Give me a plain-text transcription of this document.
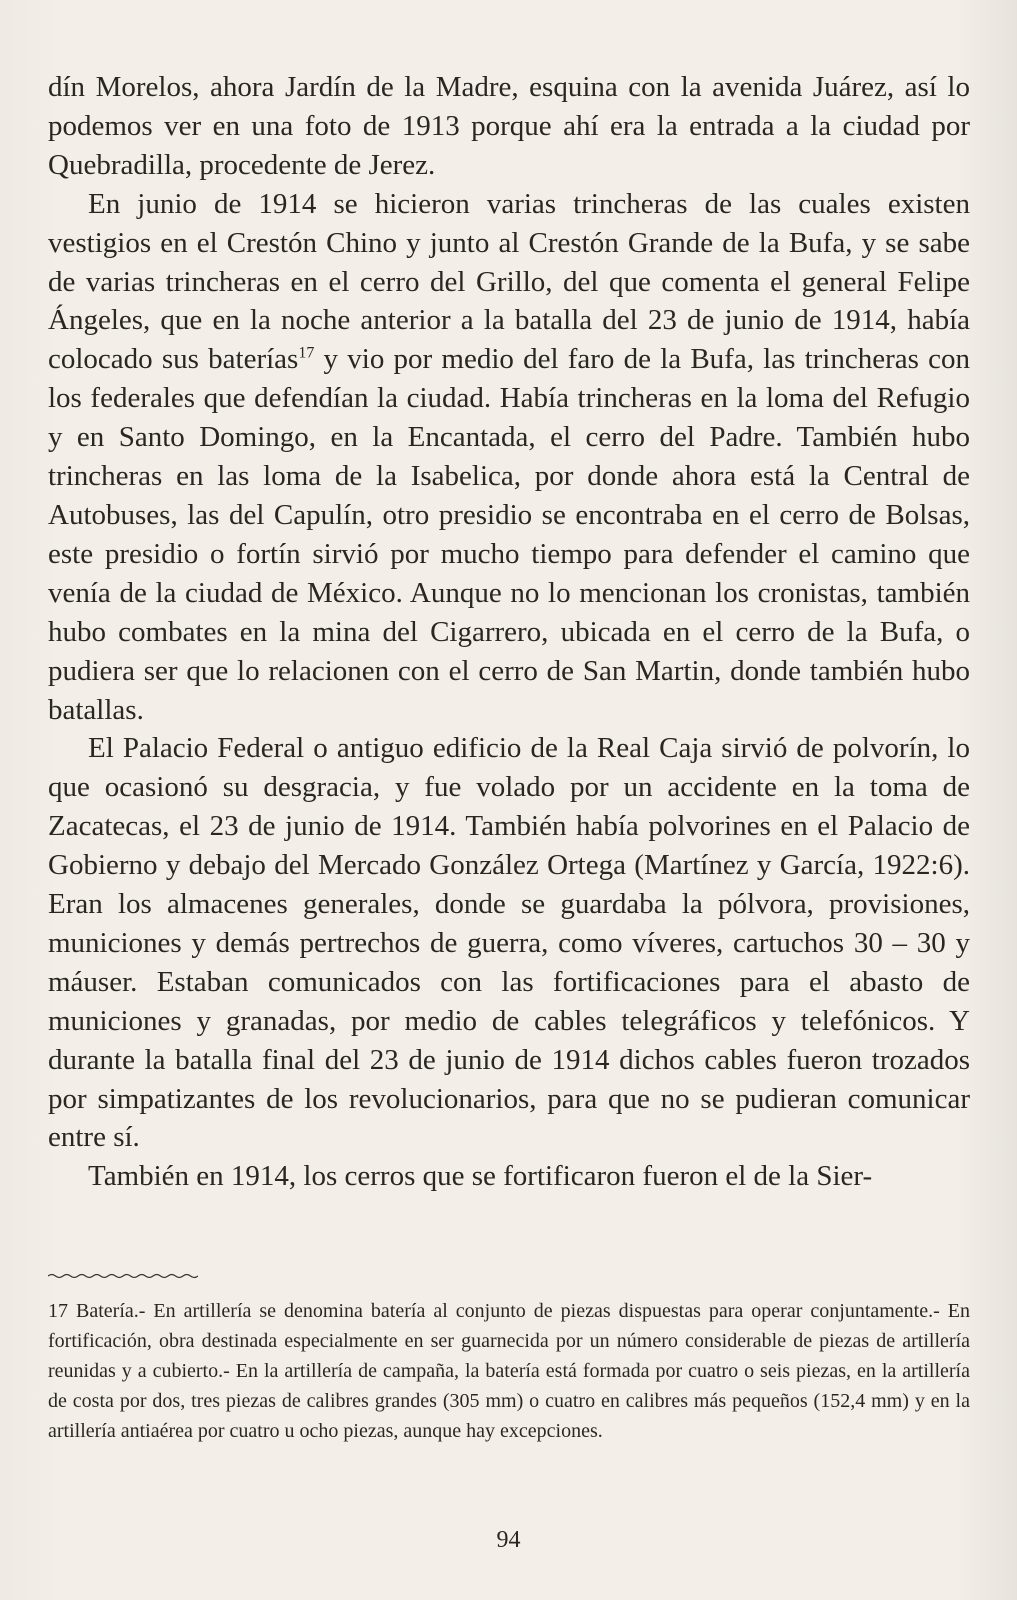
dín Morelos, ahora Jardín de la Madre, esquina con la avenida Juárez, así lo podemos ver en una foto de 1913 porque ahí era la entrada a la ciudad por Quebradilla, procedente de Jerez.

En junio de 1914 se hicieron varias trincheras de las cuales existen vestigios en el Crestón Chino y junto al Crestón Grande de la Bufa, y se sabe de varias trincheras en el cerro del Grillo, del que comenta el general Felipe Ángeles, que en la noche anterior a la batalla del 23 de junio de 1914, había colocado sus baterías$^{17}$ y vio por medio del faro de la Bufa, las trincheras con los federales que defendían la ciudad. Había trincheras en la loma del Refugio y en Santo Domingo, en la Encantada, el cerro del Padre. También hubo trincheras en las loma de la Isabelica, por donde ahora está la Central de Autobuses, las del Capulín, otro presidio se encontraba en el cerro de Bolsas, este presidio o fortín sirvió por mucho tiempo para defender el camino que venía de la ciudad de México. Aunque no lo mencionan los cronistas, también hubo combates en la mina del Cigarrero, ubicada en el cerro de la Bufa, o pudiera ser que lo relacionen con el cerro de San Martin, donde también hubo batallas.

El Palacio Federal o antiguo edificio de la Real Caja sirvió de polvorín, lo que ocasionó su desgracia, y fue volado por un accidente en la toma de Zacatecas, el 23 de junio de 1914. También había polvorines en el Palacio de Gobierno y debajo del Mercado González Ortega (Martínez y García, 1922:6). Eran los almacenes generales, donde se guardaba la pólvora, provisiones, municiones y demás pertrechos de guerra, como víveres, cartuchos 30 – 30 y máuser. Estaban comunicados con las fortificaciones para el abasto de municiones y granadas, por medio de cables telegráficos y telefónicos. Y durante la batalla final del 23 de junio de 1914 dichos cables fueron trozados por simpatizantes de los revolucionarios, para que no se pudieran comunicar entre sí.

También en 1914, los cerros que se fortificaron fueron el de la Sier-

17 Batería.- En artillería se denomina batería al conjunto de piezas dispuestas para operar conjuntamente.- En fortificación, obra destinada especialmente en ser guarnecida por un número considerable de piezas de artillería reunidas y a cubierto.- En la artillería de campaña, la batería está formada por cuatro o seis piezas, en la artillería de costa por dos, tres piezas de calibres grandes (305 mm) o cuatro en calibres más pequeños (152,4 mm) y en la artillería antiaérea por cuatro u ocho piezas, aunque hay excepciones.

94
